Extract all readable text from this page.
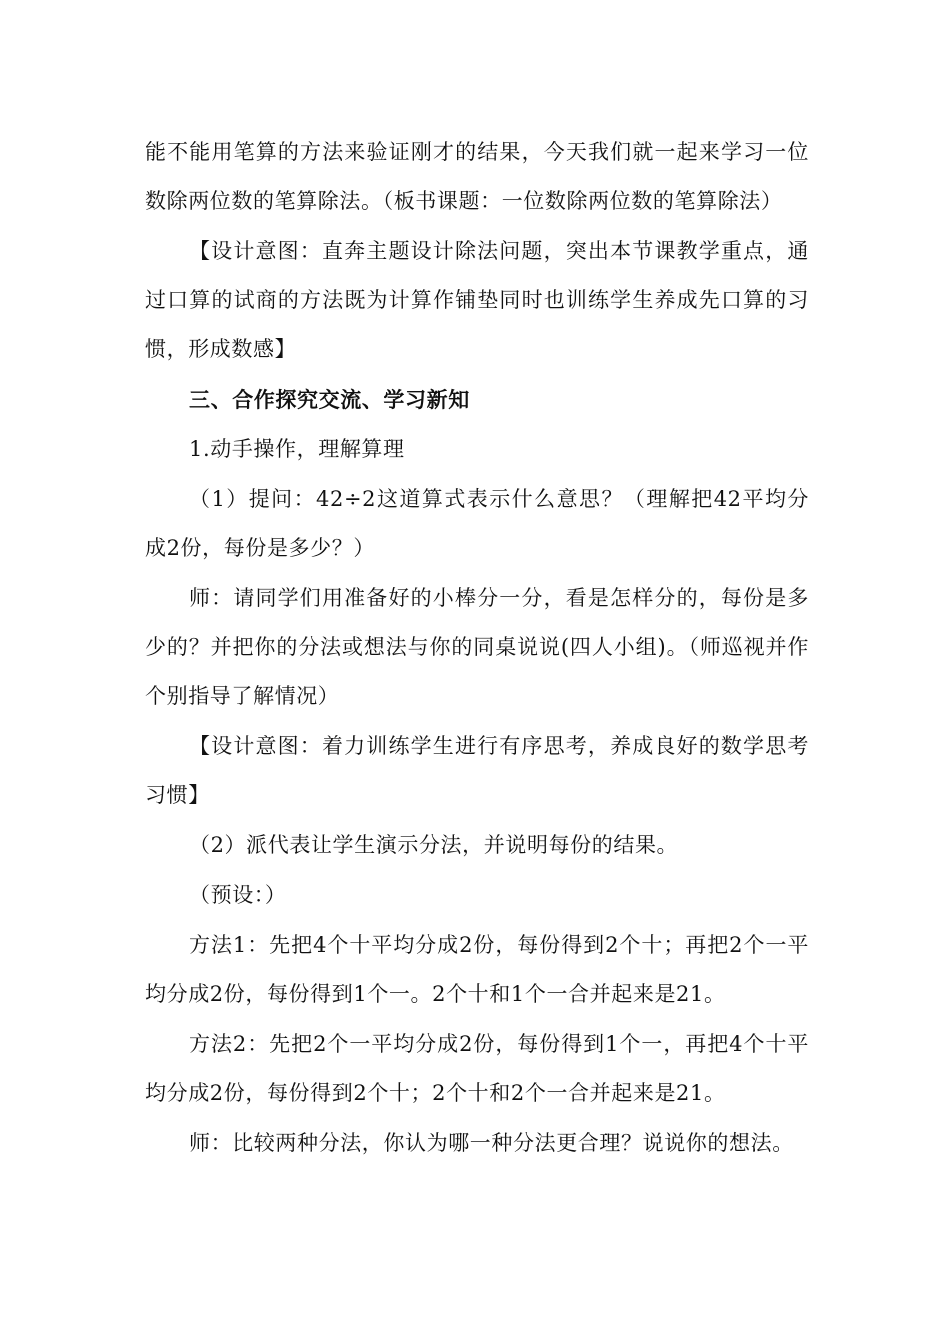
能不能用笔算的方法来验证刚才的结果，今天我们就一起来学习一位数除两位数的笔算除法。（板书课题：一位数除两位数的笔算除法）

【设计意图：直奔主题设计除法问题，突出本节课教学重点，通过口算的试商的方法既为计算作铺垫同时也训练学生养成先口算的习惯，形成数感】

三、合作探究交流、学习新知

1.动手操作，理解算理

（1）提问：42÷2这道算式表示什么意思？（理解把42平均分成2份，每份是多少？）

师：请同学们用准备好的小棒分一分，看是怎样分的，每份是多少的？并把你的分法或想法与你的同桌说说(四人小组)。（师巡视并作个别指导了解情况）

【设计意图：着力训练学生进行有序思考，养成良好的数学思考习惯】

（2）派代表让学生演示分法，并说明每份的结果。

（预设：）

方法1：先把4个十平均分成2份，每份得到2个十；再把2个一平均分成2份，每份得到1个一。2个十和1个一合并起来是21。

方法2：先把2个一平均分成2份，每份得到1个一，再把4个十平均分成2份，每份得到2个十；2个十和2个一合并起来是21。

师：比较两种分法，你认为哪一种分法更合理？说说你的想法。
